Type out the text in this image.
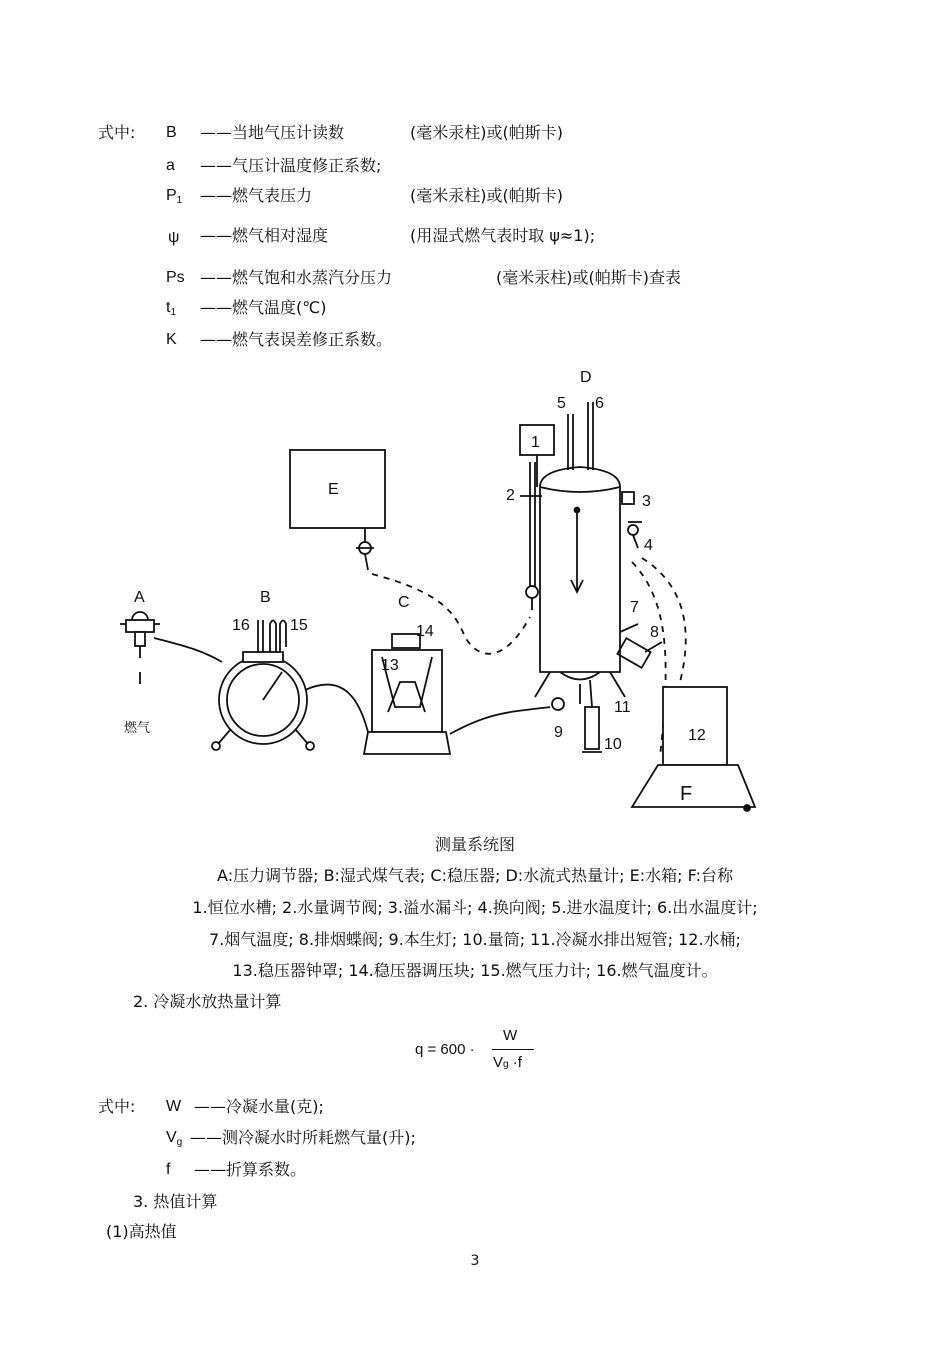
式中: B ——当地气压计读数	(毫米汞柱)或(帕斯卡)
a ——气压计温度修正系数;
P1 ——燃气表压力	(毫米汞柱)或(帕斯卡)
ψ ——燃气相对湿度	(用湿式燃气表时取 ψ≈1);
Ps ——燃气饱和水蒸汽分压力	(毫米汞柱)或(帕斯卡)查表
t1 ——燃气温度(℃)
K ——燃气表误差修正系数。
A	B	C
D
E
F
1
2	3
4
5 6
7
8
9
10
11
12
13
14
15
16
燃气
测量系统图
A:压力调节器; B:湿式煤气表; C:稳压器; D:水流式热量计; E:水箱; F:台称
1.恒位水槽; 2.水量调节阀; 3.溢水漏斗; 4.换向阀; 5.进水温度计; 6.出水温度计;
7.烟气温度; 8.排烟蝶阀; 9.本生灯; 10.量筒; 11.冷凝水排出短管; 12.水桶;
13.稳压器钟罩; 14.稳压器调压块; 15.燃气压力计; 16.燃气温度计。
2. 冷凝水放热量计算
q = 600 ·
W
Vg ·f
式中: W ——冷凝水量(克);
Vg ——测冷凝水时所耗燃气量(升);
f ——折算系数。
3. 热值计算
(1)高热值
3
